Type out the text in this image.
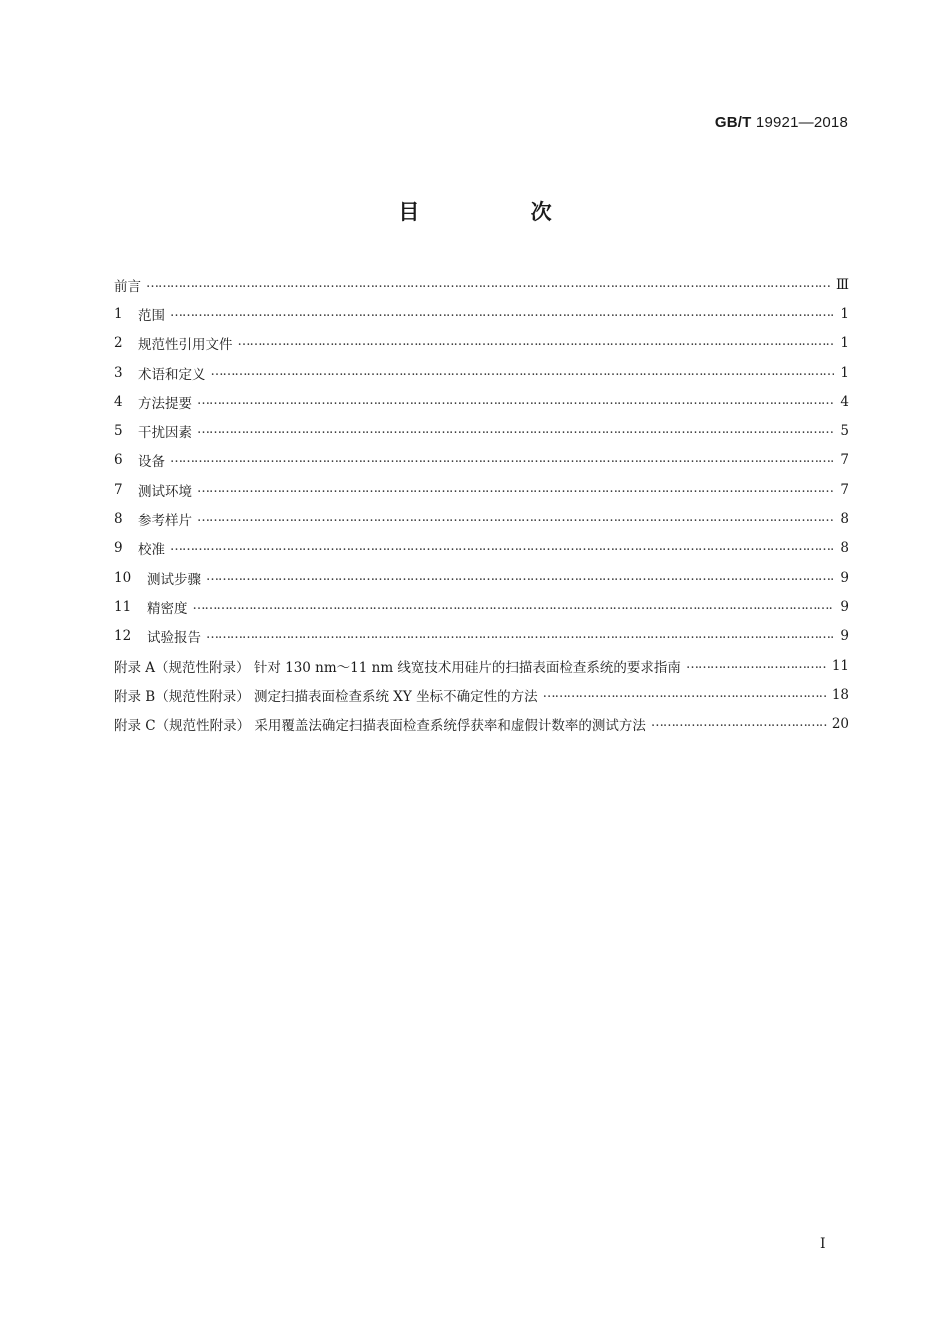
GB/T 19921—2018
目 次
前言 ……………………………………………………………………………………………………………………………………………………………………………………	Ⅲ
1	范围 ……………………………………………………………………………………………………………………………………………………………………………………	1
2	规范性引用文件 ……………………………………………………………………………………………………………………………………………………………………………………	1
3	术语和定义 ……………………………………………………………………………………………………………………………………………………………………………………	1
4	方法提要 ……………………………………………………………………………………………………………………………………………………………………………………	4
5	干扰因素 ……………………………………………………………………………………………………………………………………………………………………………………	5
6	设备 ……………………………………………………………………………………………………………………………………………………………………………………	7
7	测试环境 ……………………………………………………………………………………………………………………………………………………………………………………	7
8	参考样片 ……………………………………………………………………………………………………………………………………………………………………………………	8
9	校准 ……………………………………………………………………………………………………………………………………………………………………………………	8
10	测试步骤 ……………………………………………………………………………………………………………………………………………………………………………………	9
11	精密度 ……………………………………………………………………………………………………………………………………………………………………………………	9
12	试验报告 ……………………………………………………………………………………………………………………………………………………………………………………	9
附录 A（规范性附录） 针对 130 nm～11 nm 线宽技术用硅片的扫描表面检查系统的要求指南 ……………………………………………………………………………………………………………………………………………………………………………………	11
附录 B（规范性附录） 测定扫描表面检查系统 XY 坐标不确定性的方法 ……………………………………………………………………………………………………………………………………………………………………………………	18
附录 C（规范性附录） 采用覆盖法确定扫描表面检查系统俘获率和虚假计数率的测试方法 ……………………………………………………………………………………………………………………………………………………………………………………	20
I
